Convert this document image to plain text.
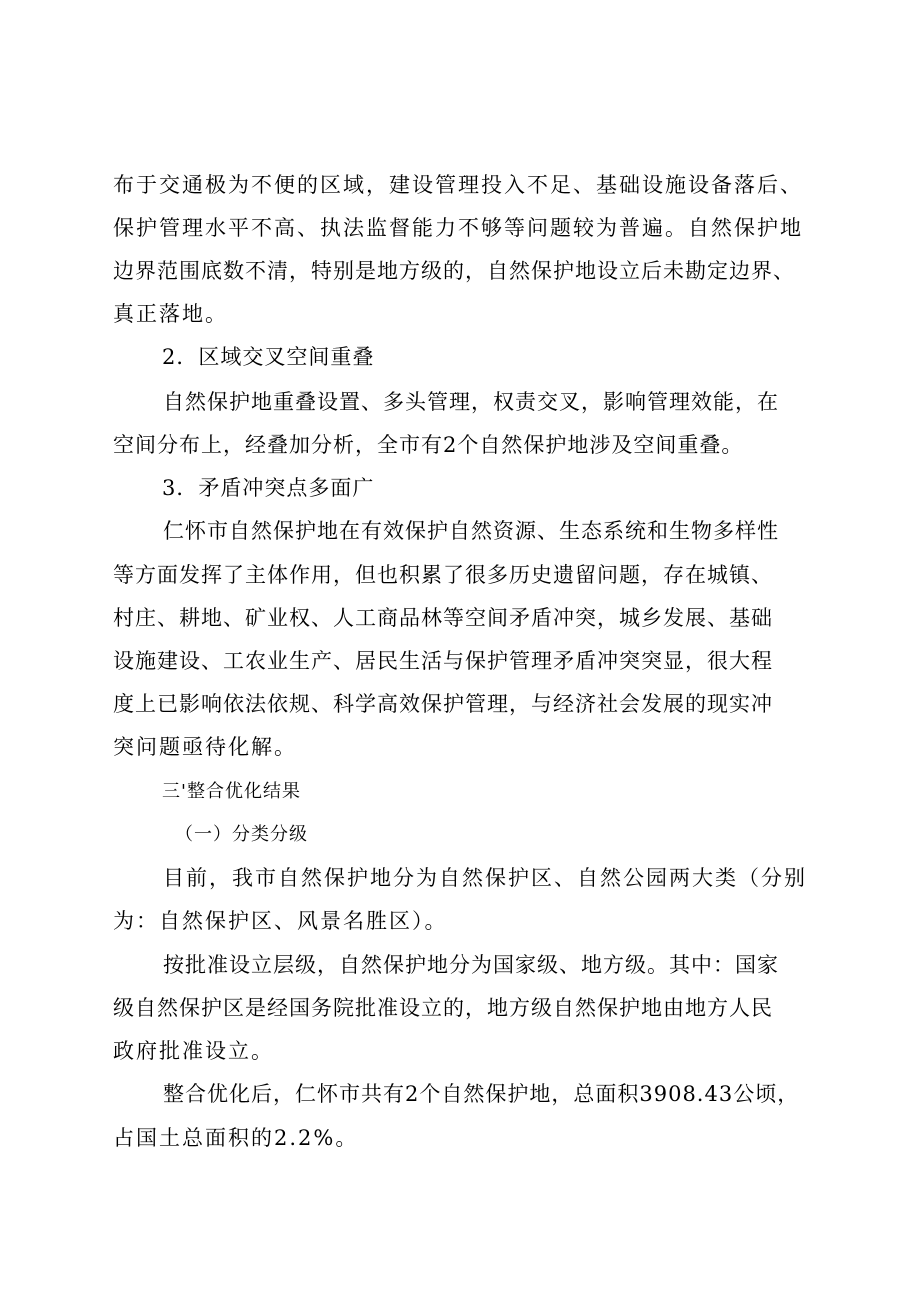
布于交通极为不便的区域，建设管理投入不足、基础设施设备落后、
保护管理水平不高、执法监督能力不够等问题较为普遍。自然保护地
边界范围底数不清，特别是地方级的，自然保护地设立后未勘定边界、
真正落地。
2．区域交叉空间重叠
自然保护地重叠设置、多头管理，权责交叉，影响管理效能，在
空间分布上，经叠加分析，全市有2个自然保护地涉及空间重叠。
3．矛盾冲突点多面广
仁怀市自然保护地在有效保护自然资源、生态系统和生物多样性
等方面发挥了主体作用，但也积累了很多历史遗留问题，存在城镇、
村庄、耕地、矿业权、人工商品林等空间矛盾冲突，城乡发展、基础
设施建设、工农业生产、居民生活与保护管理矛盾冲突突显，很大程
度上已影响依法依规、科学高效保护管理，与经济社会发展的现实冲
突问题亟待化解。
三'整合优化结果
（一）分类分级
目前，我市自然保护地分为自然保护区、自然公园两大类（分别
为：自然保护区、风景名胜区）。
按批准设立层级，自然保护地分为国家级、地方级。其中：国家
级自然保护区是经国务院批准设立的，地方级自然保护地由地方人民
政府批准设立。
整合优化后，仁怀市共有2个自然保护地，总面积3908.43公顷，
占国土总面积的2.2%。
